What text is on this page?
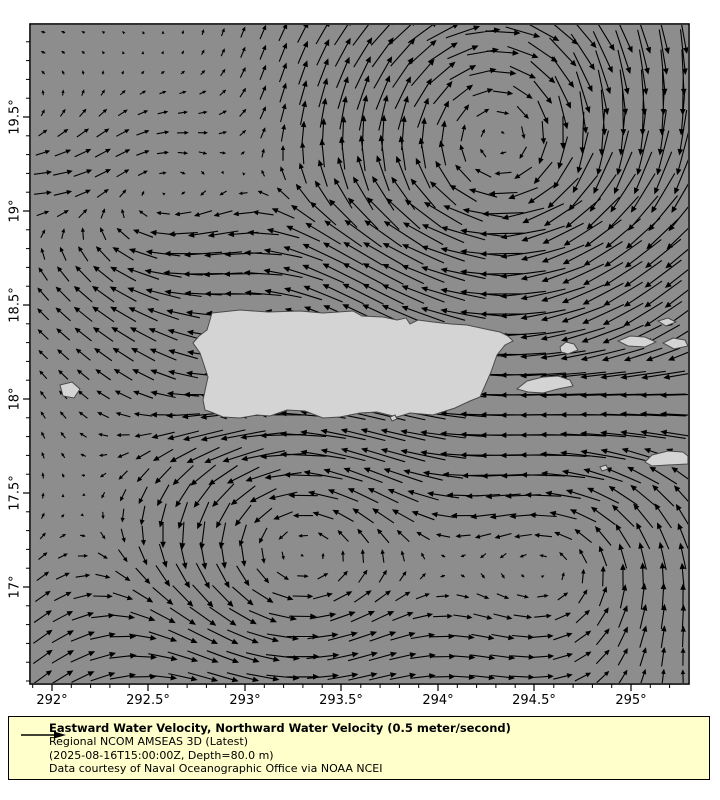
292°	292.5°	293°	293.5°	294°	294.5°	295°
19.5°
19°
18.5°
18°
17.5°
17°
Eastward Water Velocity, Northward Water Velocity (0.5 meter/second)
Regional NCOM AMSEAS 3D (Latest)
(2025-08-16T15:00:00Z, Depth=80.0 m)
Data courtesy of Naval Oceanographic Office via NOAA NCEI
